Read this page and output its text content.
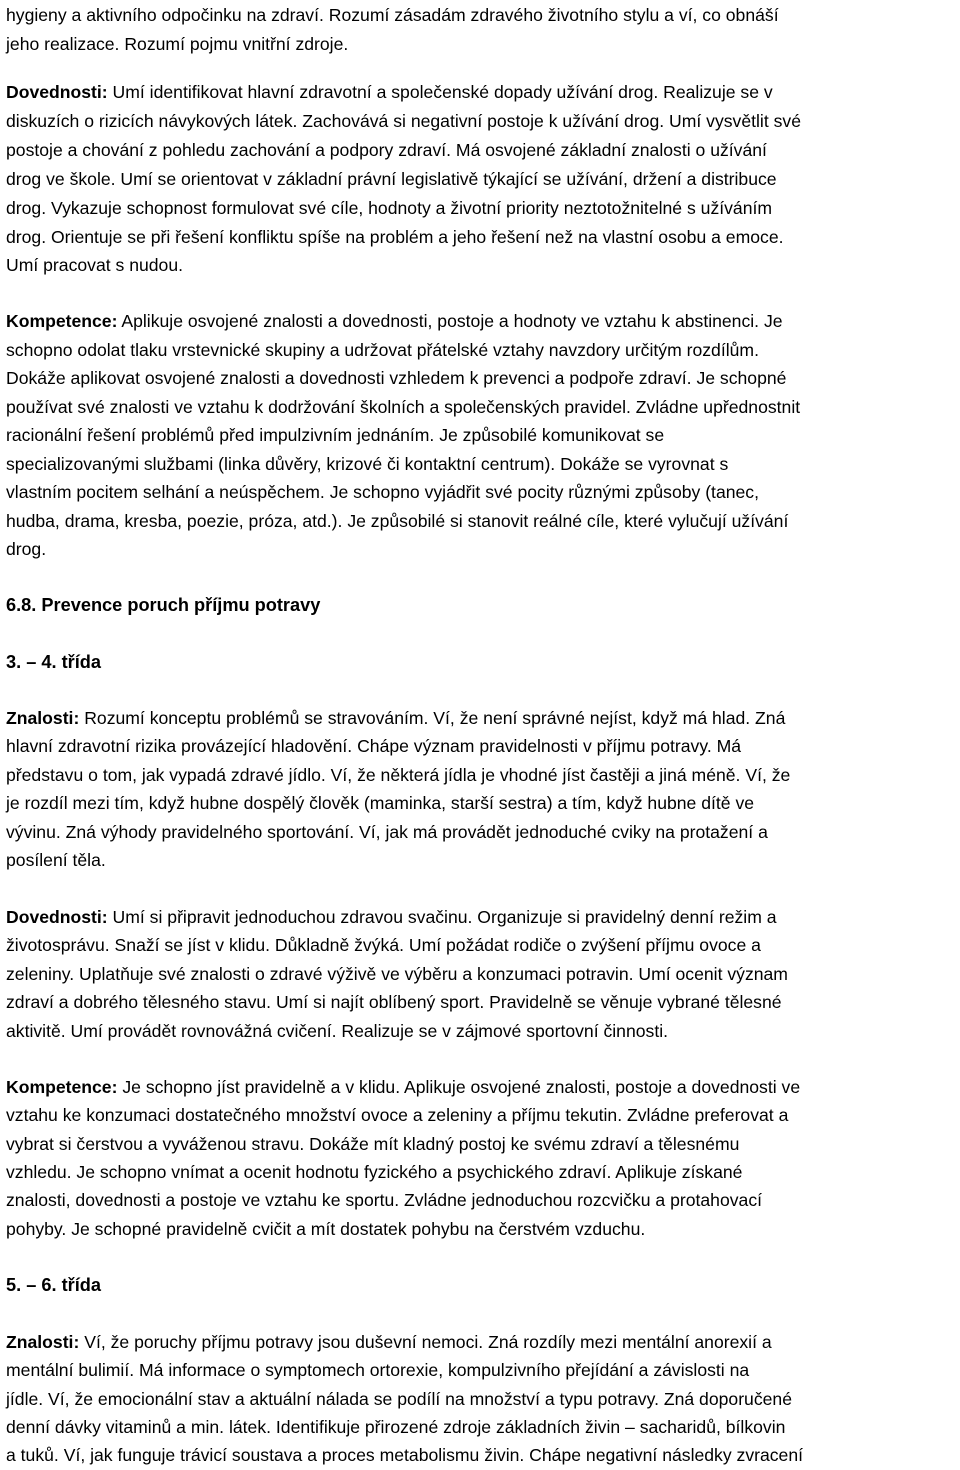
hygieny a aktivního odpočinku na zdraví. Rozumí zásadám zdravého životního stylu a ví, co obnáší
jeho realizace. Rozumí pojmu vnitřní zdroje.
Dovednosti: Umí identifikovat hlavní zdravotní a společenské dopady užívání drog. Realizuje se v
diskuzích o rizicích návykových látek. Zachovává si negativní postoje k užívání drog. Umí vysvětlit své
postoje a chování z pohledu zachování a podpory zdraví. Má osvojené základní znalosti o užívání
drog ve škole. Umí se orientovat v základní právní legislativě týkající se užívání, držení a distribuce
drog. Vykazuje schopnost formulovat své cíle, hodnoty a životní priority neztotožnitelné s užíváním
drog. Orientuje se při řešení konfliktu spíše na problém a jeho řešení než na vlastní osobu a emoce.
Umí pracovat s nudou.
Kompetence: Aplikuje osvojené znalosti a dovednosti, postoje a hodnoty ve vztahu k abstinenci. Je
schopno odolat tlaku vrstevnické skupiny a udržovat přátelské vztahy navzdory určitým rozdílům.
Dokáže aplikovat osvojené znalosti a dovednosti vzhledem k prevenci a podpoře zdraví. Je schopné
používat své znalosti ve vztahu k dodržování školních a společenských pravidel. Zvládne upřednostnit
racionální řešení problémů před impulzivním jednáním. Je způsobilé komunikovat se
specializovanými službami (linka důvěry, krizové či kontaktní centrum). Dokáže se vyrovnat s
vlastním pocitem selhání a neúspěchem. Je schopno vyjádřit své pocity různými způsoby (tanec,
hudba, drama, kresba, poezie, próza, atd.). Je způsobilé si stanovit reálné cíle, které vylučují užívání
drog.
6.8. Prevence poruch příjmu potravy
3. – 4. třída
Znalosti: Rozumí konceptu problémů se stravováním. Ví, že není správné nejíst, když má hlad. Zná
hlavní zdravotní rizika provázející hladovění. Chápe význam pravidelnosti v příjmu potravy. Má
představu o tom, jak vypadá zdravé jídlo. Ví, že některá jídla je vhodné jíst častěji a jiná méně. Ví, že
je rozdíl mezi tím, když hubne dospělý člověk (maminka, starší sestra) a tím, když hubne dítě ve
vývinu. Zná výhody pravidelného sportování. Ví, jak má provádět jednoduché cviky na protažení a
posílení těla.
Dovednosti: Umí si připravit jednoduchou zdravou svačinu. Organizuje si pravidelný denní režim a
životosprávu. Snaží se jíst v klidu. Důkladně žvýká. Umí požádat rodiče o zvýšení příjmu ovoce a
zeleniny. Uplatňuje své znalosti o zdravé výživě ve výběru a konzumaci potravin. Umí ocenit význam
zdraví a dobrého tělesného stavu. Umí si najít oblíbený sport. Pravidelně se věnuje vybrané tělesné
aktivitě. Umí provádět rovnovážná cvičení. Realizuje se v zájmové sportovní činnosti.
Kompetence: Je schopno jíst pravidelně a v klidu. Aplikuje osvojené znalosti, postoje a dovednosti ve
vztahu ke konzumaci dostatečného množství ovoce a zeleniny a příjmu tekutin. Zvládne preferovat a
vybrat si čerstvou a vyváženou stravu. Dokáže mít kladný postoj ke svému zdraví a tělesnému
vzhledu. Je schopno vnímat a ocenit hodnotu fyzického a psychického zdraví. Aplikuje získané
znalosti, dovednosti a postoje ve vztahu ke sportu. Zvládne jednoduchou rozcvičku a protahovací
pohyby. Je schopné pravidelně cvičit a mít dostatek pohybu na čerstvém vzduchu.
5. – 6. třída
Znalosti: Ví, že poruchy příjmu potravy jsou duševní nemoci. Zná rozdíly mezi mentální anorexií a
mentální bulimií. Má informace o symptomech ortorexie, kompulzivního přejídání a závislosti na
jídle. Ví, že emocionální stav a aktuální nálada se podílí na množství a typu potravy. Zná doporučené
denní dávky vitaminů a min. látek. Identifikuje přirozené zdroje základních živin – sacharidů, bílkovin
a tuků. Ví, jak funguje trávicí soustava a proces metabolismu živin. Chápe negativní následky zvracení
